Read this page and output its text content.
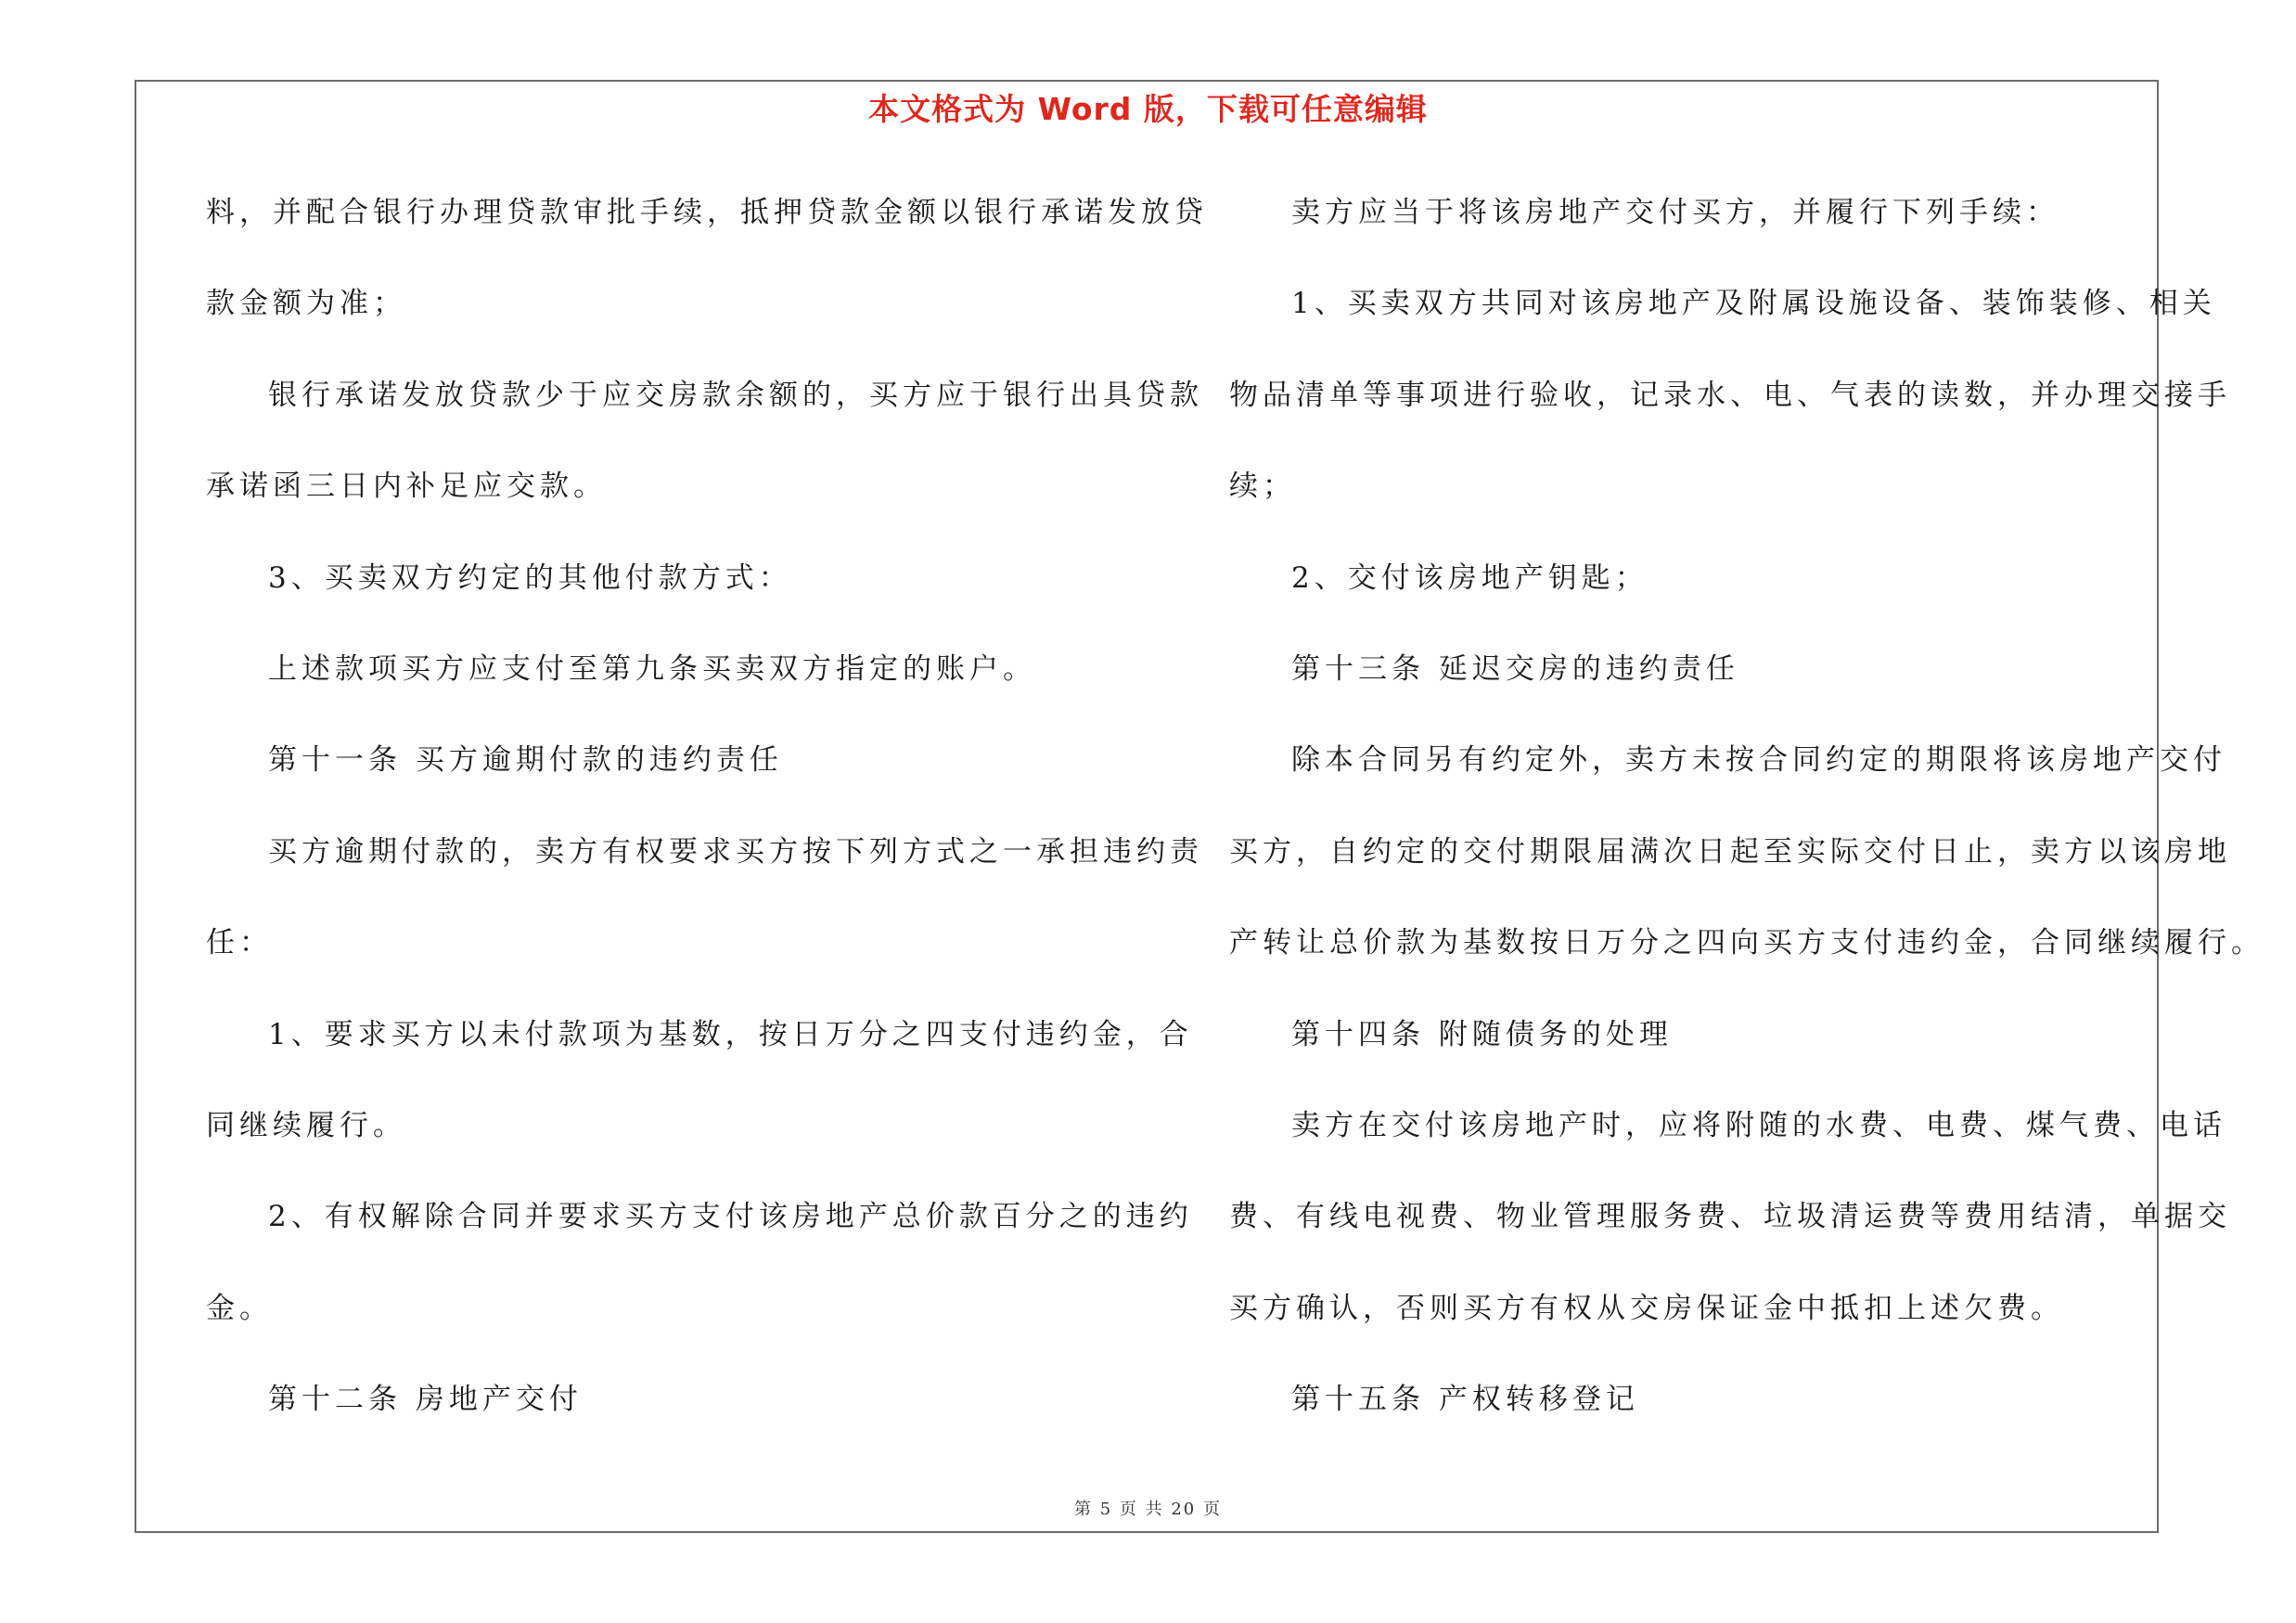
本文格式为 Word 版，下载可任意编辑
料，并配合银行办理贷款审批手续，抵押贷款金额以银行承诺发放贷
款金额为准；
银行承诺发放贷款少于应交房款余额的，买方应于银行出具贷款
承诺函三日内补足应交款。
3、买卖双方约定的其他付款方式：
上述款项买方应支付至第九条买卖双方指定的账户。
第十一条 买方逾期付款的违约责任
买方逾期付款的，卖方有权要求买方按下列方式之一承担违约责
任：
1、要求买方以未付款项为基数，按日万分之四支付违约金，合
同继续履行。
2、有权解除合同并要求买方支付该房地产总价款百分之的违约
金。
第十二条 房地产交付
卖方应当于将该房地产交付买方，并履行下列手续：
1、买卖双方共同对该房地产及附属设施设备、装饰装修、相关
物品清单等事项进行验收，记录水、电、气表的读数，并办理交接手
续；
2、交付该房地产钥匙；
第十三条 延迟交房的违约责任
除本合同另有约定外，卖方未按合同约定的期限将该房地产交付
买方，自约定的交付期限届满次日起至实际交付日止，卖方以该房地
产转让总价款为基数按日万分之四向买方支付违约金，合同继续履行。
第十四条 附随债务的处理
卖方在交付该房地产时，应将附随的水费、电费、煤气费、电话
费、有线电视费、物业管理服务费、垃圾清运费等费用结清，单据交
买方确认，否则买方有权从交房保证金中抵扣上述欠费。
第十五条 产权转移登记
第 5 页 共 20 页
